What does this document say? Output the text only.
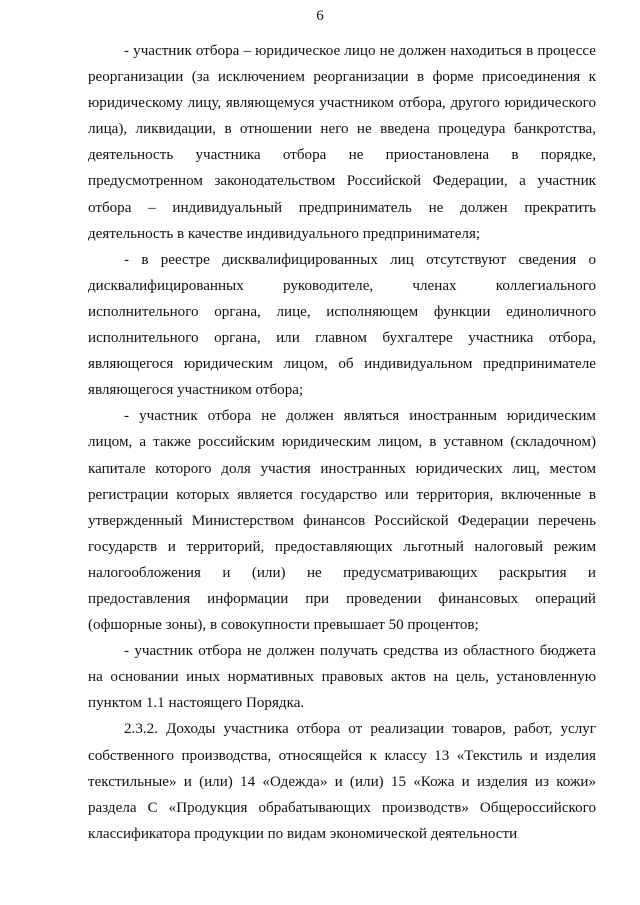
6

- участник отбора – юридическое лицо не должен находиться в процессе реорганизации (за исключением реорганизации в форме присоединения к юридическому лицу, являющемуся участником отбора, другого юридического лица), ликвидации, в отношении него не введена процедура банкротства, деятельность участника отбора не приостановлена в порядке, предусмотренном законодательством Российской Федерации, а участник отбора – индивидуальный предприниматель не должен прекратить деятельность в качестве индивидуального предпринимателя;

- в реестре дисквалифицированных лиц отсутствуют сведения о дисквалифицированных руководителе, членах коллегиального исполнительного органа, лице, исполняющем функции единоличного исполнительного органа, или главном бухгалтере участника отбора, являющегося юридическим лицом, об индивидуальном предпринимателе являющегося участником отбора;

- участник отбора не должен являться иностранным юридическим лицом, а также российским юридическим лицом, в уставном (складочном) капитале которого доля участия иностранных юридических лиц, местом регистрации которых является государство или территория, включенные в утвержденный Министерством финансов Российской Федерации перечень государств и территорий, предоставляющих льготный налоговый режим налогообложения и (или) не предусматривающих раскрытия и предоставления информации при проведении финансовых операций (офшорные зоны), в совокупности превышает 50 процентов;

- участник отбора не должен получать средства из областного бюджета на основании иных нормативных правовых актов на цель, установленную пунктом 1.1 настоящего Порядка.

2.3.2. Доходы участника отбора от реализации товаров, работ, услуг собственного производства, относящейся к классу 13 «Текстиль и изделия текстильные» и (или) 14 «Одежда» и (или) 15 «Кожа и изделия из кожи» раздела C «Продукция обрабатывающих производств» Общероссийского классификатора продукции по видам экономической деятельности
